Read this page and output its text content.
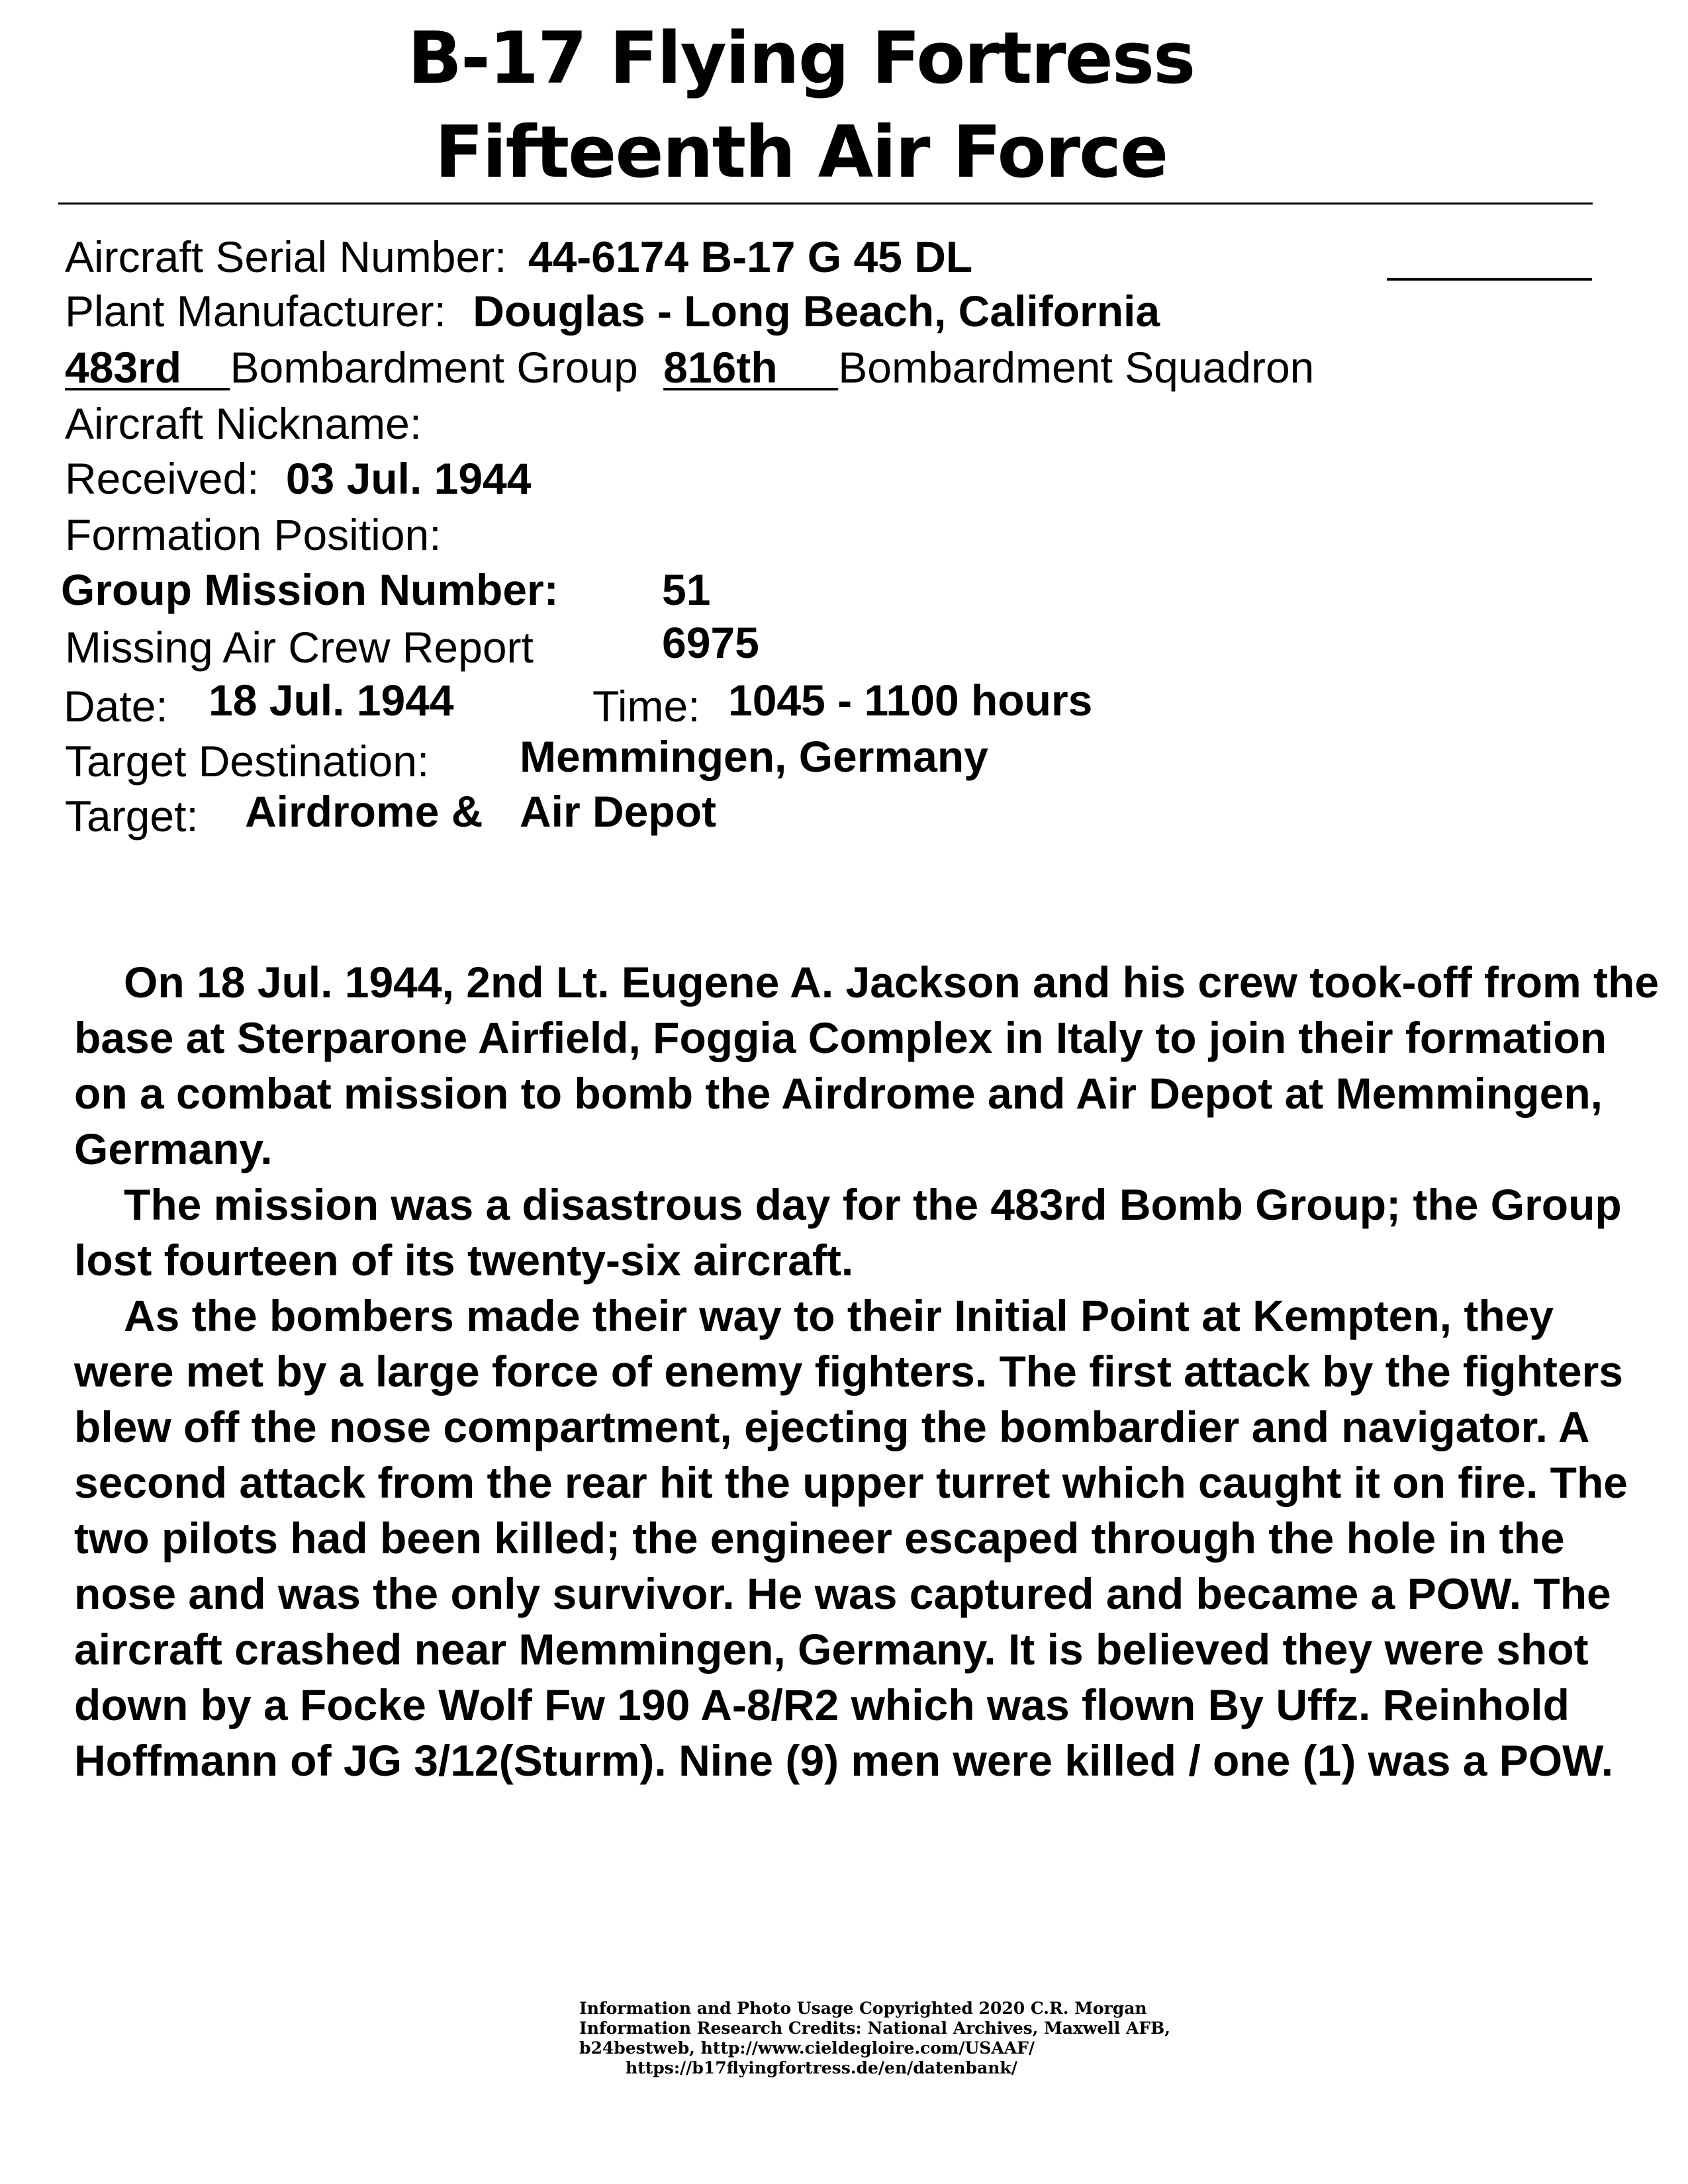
B-17 Flying Fortress
Fifteenth Air Force
Aircraft Serial Number: 44-6174 B-17 G 45 DL
Plant Manufacturer: Douglas - Long Beach, California
483rd Bombardment Group 816th Bombardment Squadron
Aircraft Nickname:
Received: 03 Jul. 1944
Formation Position:
Group Mission Number: 51
Missing Air Crew Report	6975
Date: 18 Jul. 1944	Time: 1045 - 1100 hours
Target Destination: Memmingen, Germany
Target: Airdrome & Air Depot

On 18 Jul. 1944, 2nd Lt. Eugene A. Jackson and his crew took-off from the base at Sterparone Airfield, Foggia Complex in Italy to join their formation on a combat mission to bomb the Airdrome and Air Depot at Memmingen, Germany.

The mission was a disastrous day for the 483rd Bomb Group; the Group lost fourteen of its twenty-six aircraft.

As the bombers made their way to their Initial Point at Kempten, they were met by a large force of enemy fighters. The first attack by the fighters blew off the nose compartment, ejecting the bombardier and navigator. A second attack from the rear hit the upper turret which caught it on fire. The two pilots had been killed; the engineer escaped through the hole in the nose and was the only survivor. He was captured and became a POW. The aircraft crashed near Memmingen, Germany. It is believed they were shot down by a Focke Wolf Fw 190 A-8/R2 which was flown By Uffz. Reinhold Hoffmann of JG 3/12(Sturm). Nine (9) men were killed / one (1) was a POW.

Information and Photo Usage Copyrighted 2020 C.R. Morgan
Information Research Credits: National Archives, Maxwell AFB,
b24bestweb, http://www.cieldegloire.com/USAAF/
https://b17flyingfortress.de/en/datenbank/
